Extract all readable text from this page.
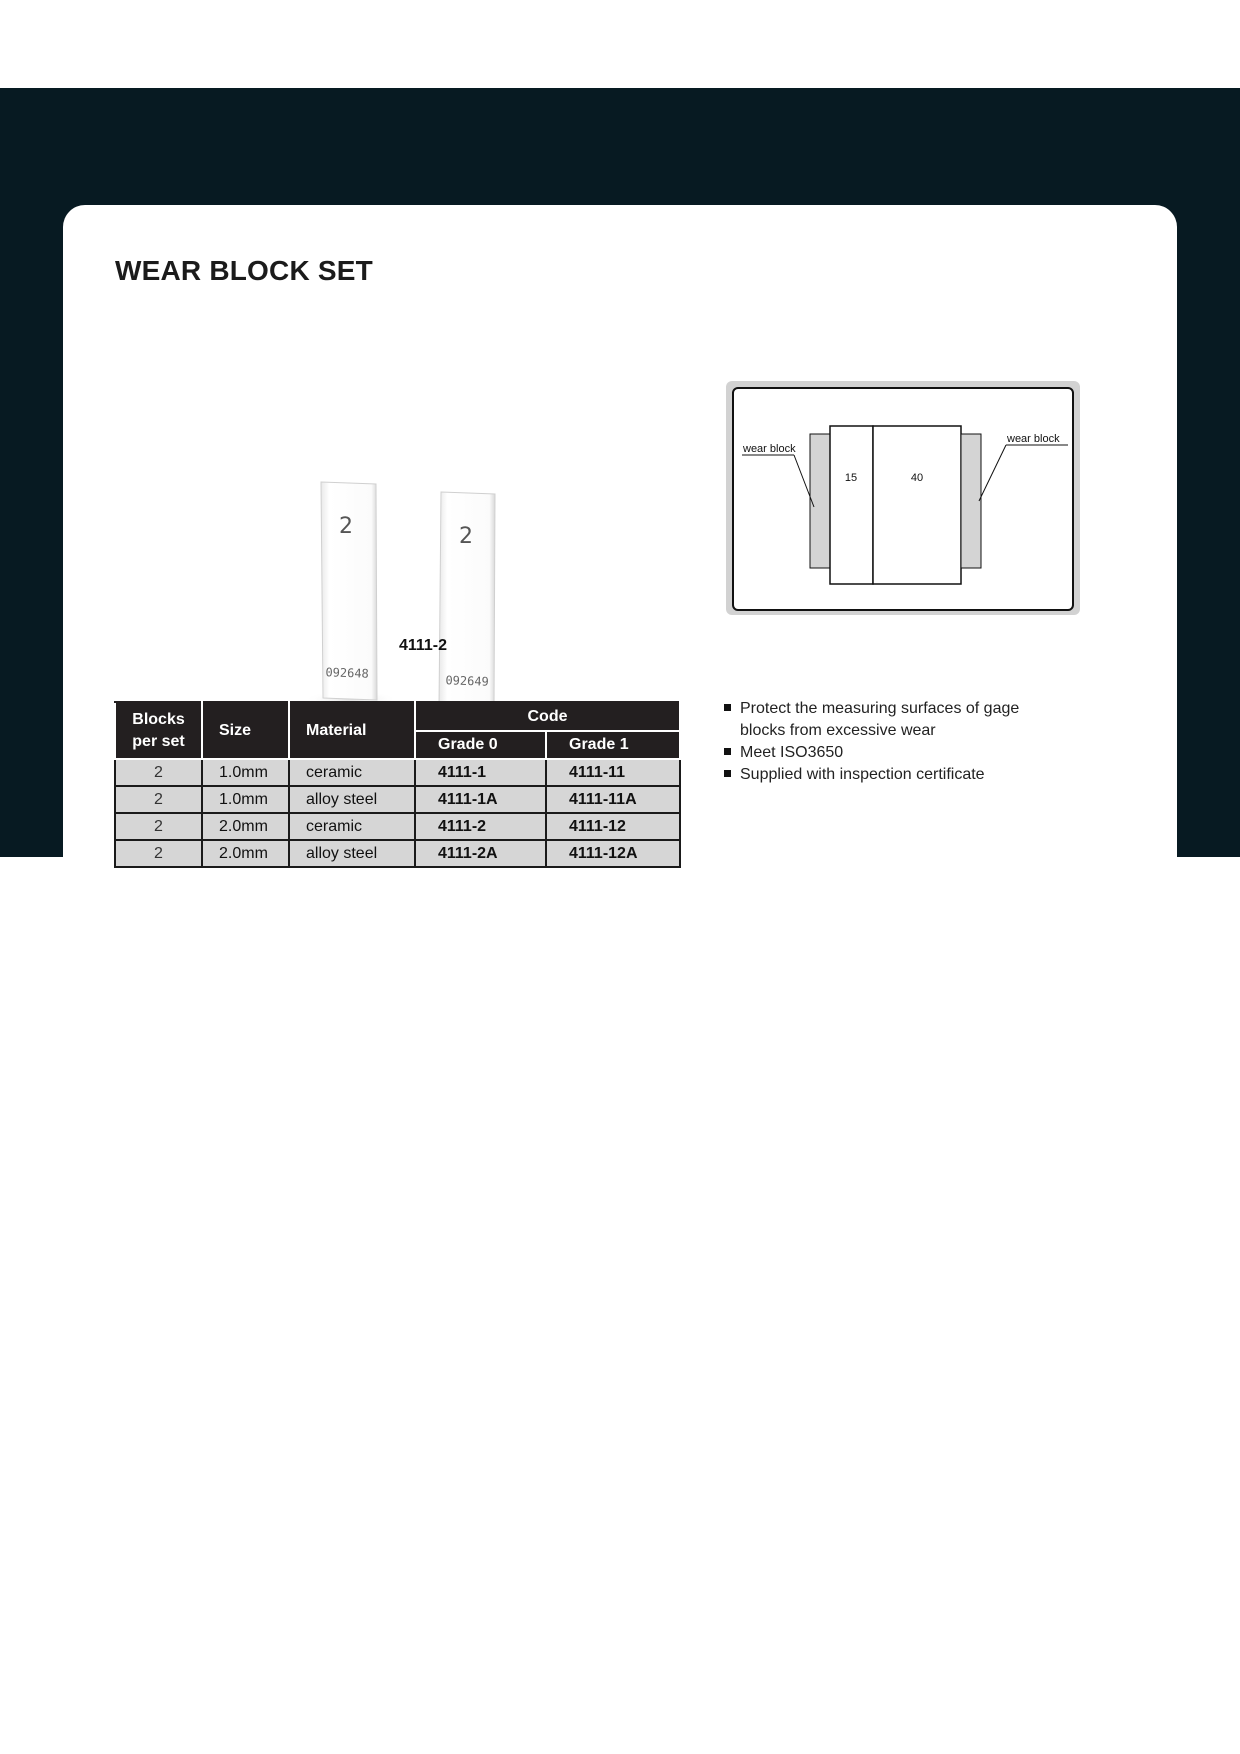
WEAR BLOCK SET
2	2
092648
092649
4111-2
wear block
wear block
15	40
Blocks
per set	Size	Material	Code	
			Grade 0	Grade 1
2	1.0mm	ceramic	4111-1	4111-11
2	1.0mm	alloy steel	4111-1A	4111-11A
2	2.0mm	ceramic	4111-2	4111-12
2	2.0mm	alloy steel	4111-2A	4111-12A
Protect the measuring surfaces of gage blocks from excessive wear
Meet ISO3650
Supplied with inspection certificate
